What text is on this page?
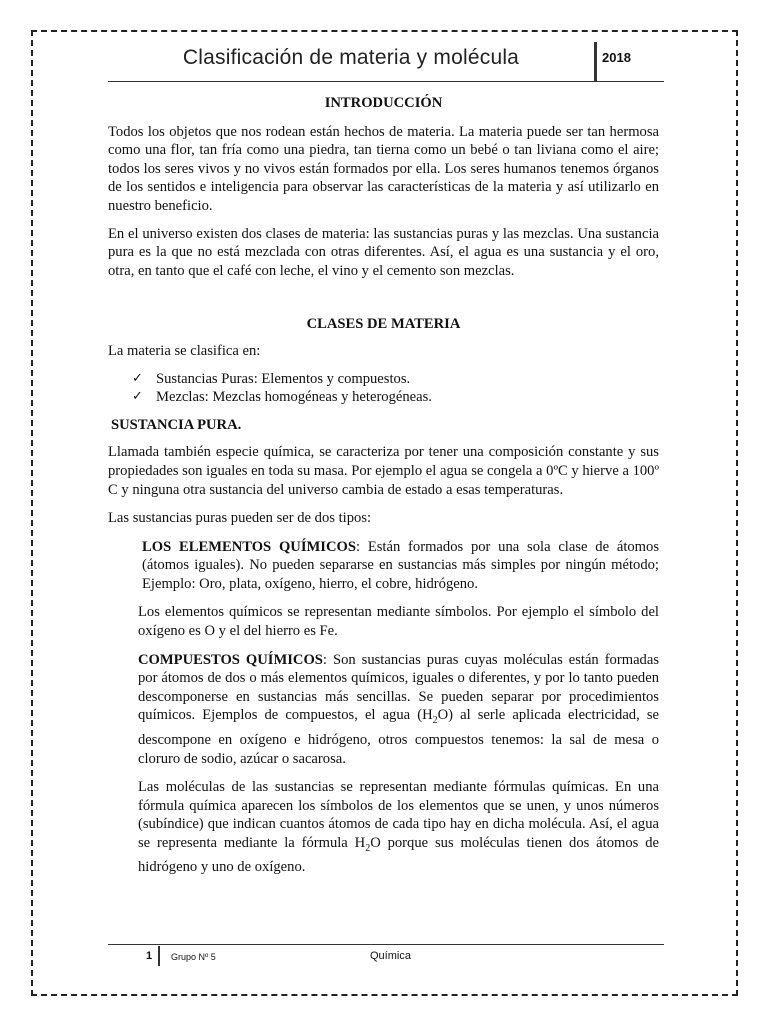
Clasificación de materia y molécula	2018

INTRODUCCIÓN

Todos los objetos que nos rodean están hechos de materia. La materia puede ser tan hermosa como una flor, tan fría como una piedra, tan tierna como un bebé o tan liviana como el aire; todos los seres vivos y no vivos están formados por ella. Los seres humanos tenemos órganos de los sentidos e inteligencia para observar las características de la materia y así utilizarlo en nuestro beneficio.

En el universo existen dos clases de materia: las sustancias puras y las mezclas. Una sustancia pura es la que no está mezclada con otras diferentes. Así, el agua es una sustancia y el oro, otra, en tanto que el café con leche, el vino y el cemento son mezclas.

CLASES DE MATERIA

La materia se clasifica en:

✓ Sustancias Puras: Elementos y compuestos.
✓ Mezclas: Mezclas homogéneas y heterogéneas.

SUSTANCIA PURA.

Llamada también especie química, se caracteriza por tener una composición constante y sus propiedades son iguales en toda su masa. Por ejemplo el agua se congela a 0ºC y hierve a 100º C y ninguna otra sustancia del universo cambia de estado a esas temperaturas.

Las sustancias puras pueden ser de dos tipos:

LOS ELEMENTOS QUÍMICOS: Están formados por una sola clase de átomos (átomos iguales). No pueden separarse en sustancias más simples por ningún método; Ejemplo: Oro, plata, oxígeno, hierro, el cobre, hidrógeno.

Los elementos químicos se representan mediante símbolos. Por ejemplo el símbolo del oxígeno es O y el del hierro es Fe.

COMPUESTOS QUÍMICOS: Son sustancias puras cuyas moléculas están formadas por átomos de dos o más elementos químicos, iguales o diferentes, y por lo tanto pueden descomponerse en sustancias más sencillas. Se pueden separar por procedimientos químicos. Ejemplos de compuestos, el agua $(H_2O)$ al serle aplicada electricidad, se descompone en oxígeno e hidrógeno, otros compuestos tenemos: la sal de mesa o cloruro de sodio, azúcar o sacarosa.

Las moléculas de las sustancias se representan mediante fórmulas químicas. En una fórmula química aparecen los símbolos de los elementos que se unen, y unos números (subíndice) que indican cuantos átomos de cada tipo hay en dicha molécula. Así, el agua se representa mediante la fórmula $H_2O$ porque sus moléculas tienen dos átomos de hidrógeno y uno de oxígeno.

1 Grupo Nº 5	Química
